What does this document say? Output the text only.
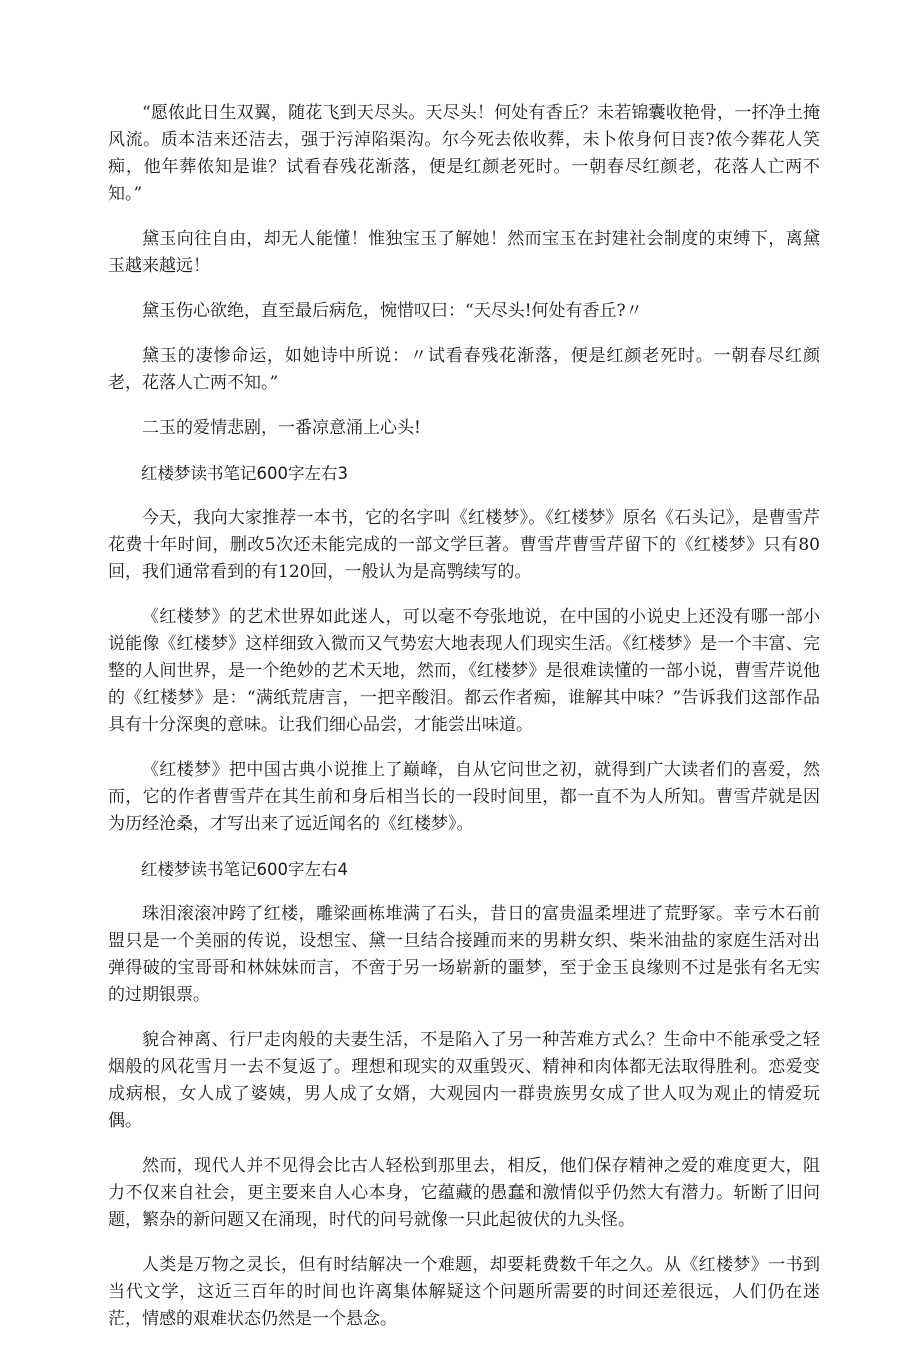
“愿侬此日生双翼，随花飞到天尽头。天尽头！何处有香丘？未若锦囊收艳骨，一抔净土掩风流。质本洁来还洁去，强于污淖陷渠沟。尔今死去侬收葬，未卜侬身何日丧?侬今葬花人笑痴，他年葬侬知是谁？试看春残花渐落，便是红颜老死时。一朝春尽红颜老，花落人亡两不知。”

黛玉向往自由，却无人能懂！惟独宝玉了解她！然而宝玉在封建社会制度的束缚下，离黛玉越来越远！

黛玉伤心欲绝，直至最后病危，惋惜叹曰：“天尽头!何处有香丘?〃

黛玉的凄惨命运，如她诗中所说：〃试看春残花渐落，便是红颜老死时。一朝春尽红颜老，花落人亡两不知。”

二玉的爱情悲剧，一番凉意涌上心头!

红楼梦读书笔记600字左右3

今天，我向大家推荐一本书，它的名字叫《红楼梦》。《红楼梦》原名《石头记》，是曹雪芹花费十年时间，删改5次还未能完成的一部文学巨著。曹雪芹曹雪芹留下的《红楼梦》只有80回，我们通常看到的有120回，一般认为是高鹗续写的。

《红楼梦》的艺术世界如此迷人，可以毫不夸张地说，在中国的小说史上还没有哪一部小说能像《红楼梦》这样细致入微而又气势宏大地表现人们现实生活。《红楼梦》是一个丰富、完整的人间世界，是一个绝妙的艺术天地，然而，《红楼梦》是很难读懂的一部小说，曹雪芹说他的《红楼梦》是：“满纸荒唐言，一把辛酸泪。都云作者痴，谁解其中味？”告诉我们这部作品具有十分深奥的意味。让我们细心品尝，才能尝出味道。

《红楼梦》把中国古典小说推上了巅峰，自从它问世之初，就得到广大读者们的喜爱，然而，它的作者曹雪芹在其生前和身后相当长的一段时间里，都一直不为人所知。曹雪芹就是因为历经沧桑，才写出来了远近闻名的《红楼梦》。

红楼梦读书笔记600字左右4

珠泪滚滚冲跨了红楼，雕梁画栋堆满了石头，昔日的富贵温柔埋进了荒野冢。幸亏木石前盟只是一个美丽的传说，设想宝、黛一旦结合接踵而来的男耕女织、柴米油盐的家庭生活对出弹得破的宝哥哥和林妹妹而言，不啻于另一场崭新的噩梦，至于金玉良缘则不过是张有名无实的过期银票。

貌合神离、行尸走肉般的夫妻生活，不是陷入了另一种苦难方式么？生命中不能承受之轻烟般的风花雪月一去不复返了。理想和现实的双重毁灭、精神和肉体都无法取得胜利。恋爱变成病根，女人成了婆姨，男人成了女婿，大观园内一群贵族男女成了世人叹为观止的情爱玩偶。

然而，现代人并不见得会比古人轻松到那里去，相反，他们保存精神之爱的难度更大，阻力不仅来自社会，更主要来自人心本身，它蕴藏的愚蠢和激情似乎仍然大有潜力。斩断了旧问题，繁杂的新问题又在涌现，时代的问号就像一只此起彼伏的九头怪。

人类是万物之灵长，但有时结解决一个难题，却要耗费数千年之久。从《红楼梦》一书到当代文学，这近三百年的时间也许离集体解疑这个问题所需要的时间还差很远，人们仍在迷茫，情感的艰难状态仍然是一个悬念。
